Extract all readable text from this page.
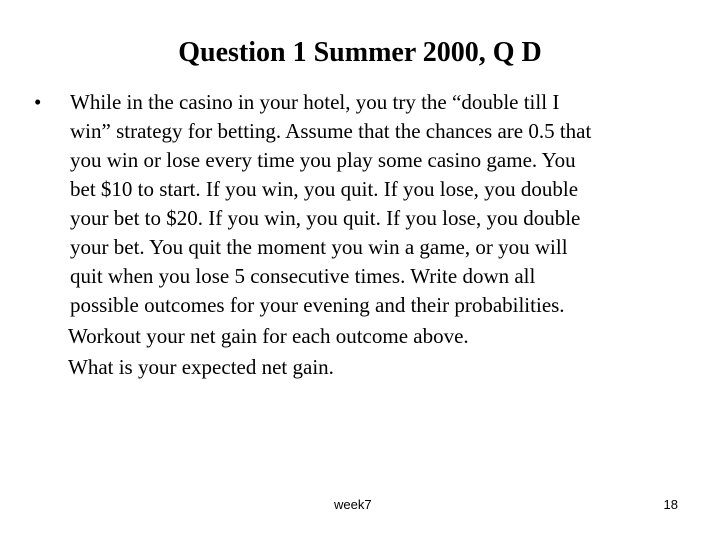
Question 1 Summer 2000, Q D
• While in the casino in your hotel, you try the “double till I
win” strategy for betting. Assume that the chances are 0.5 that
you win or lose every time you play some casino game. You
bet $10 to start. If you win, you quit. If you lose, you double
your bet to $20. If you win, you quit. If you lose, you double
your bet. You quit the moment you win a game, or you will
quit when you lose 5 consecutive times. Write down all
possible outcomes for your evening and their probabilities.
Workout your net gain for each outcome above.
What is your expected net gain.
week7	18
